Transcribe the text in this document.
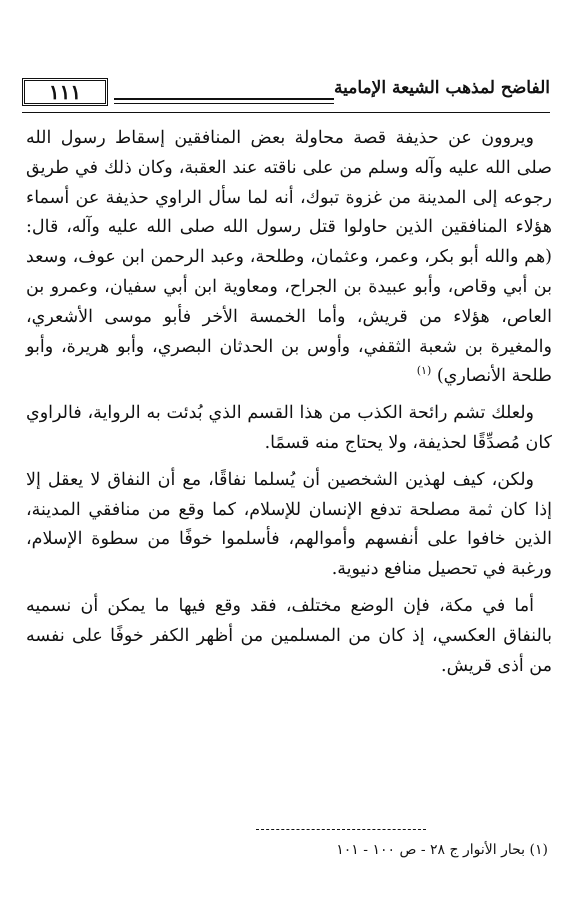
١١١	الفاضح لمذهب الشيعة الإمامية

ويروون عن حذيفة قصة محاولة بعض المنافقين إسقاط رسول الله صلى الله عليه وآله وسلم من على ناقته عند العقبة، وكان ذلك في طريق رجوعه إلى المدينة من غزوة تبوك، أنه لما سأل الراوي حذيفة عن أسماء هؤلاء المنافقين الذين حاولوا قتل رسول الله صلى الله عليه وآله، قال: (هم والله أبو بكر، وعمر، وعثمان، وطلحة، وعبد الرحمن ابن عوف، وسعد بن أبي وقاص، وأبو عبيدة بن الجراح، ومعاوية ابن أبي سفيان، وعمرو بن العاص، هؤلاء من قريش، وأما الخمسة الأخر فأبو موسى الأشعري، والمغيرة بن شعبة الثقفي، وأوس بن الحدثان البصري، وأبو هريرة، وأبو طلحة الأنصاري) $^{(١)}$

ولعلك تشم رائحة الكذب من هذا القسم الذي بُدئت به الرواية، فالراوي كان مُصدِّقًا لحذيفة، ولا يحتاج منه قسمًا.

ولكن، كيف لهذين الشخصين أن يُسلما نفاقًا، مع أن النفاق لا يعقل إلا إذا كان ثمة مصلحة تدفع الإنسان للإسلام، كما وقع من منافقي المدينة، الذين خافوا على أنفسهم وأموالهم، فأسلموا خوفًا من سطوة الإسلام، ورغبة في تحصيل منافع دنيوية.

أما في مكة، فإن الوضع مختلف، فقد وقع فيها ما يمكن أن نسميه بالنفاق العكسي، إذ كان من المسلمين من أظهر الكفر خوفًا على نفسه من أذى قريش.

(١) بحار الأنوار ج ٢٨ - ص ١٠٠ - ١٠١
